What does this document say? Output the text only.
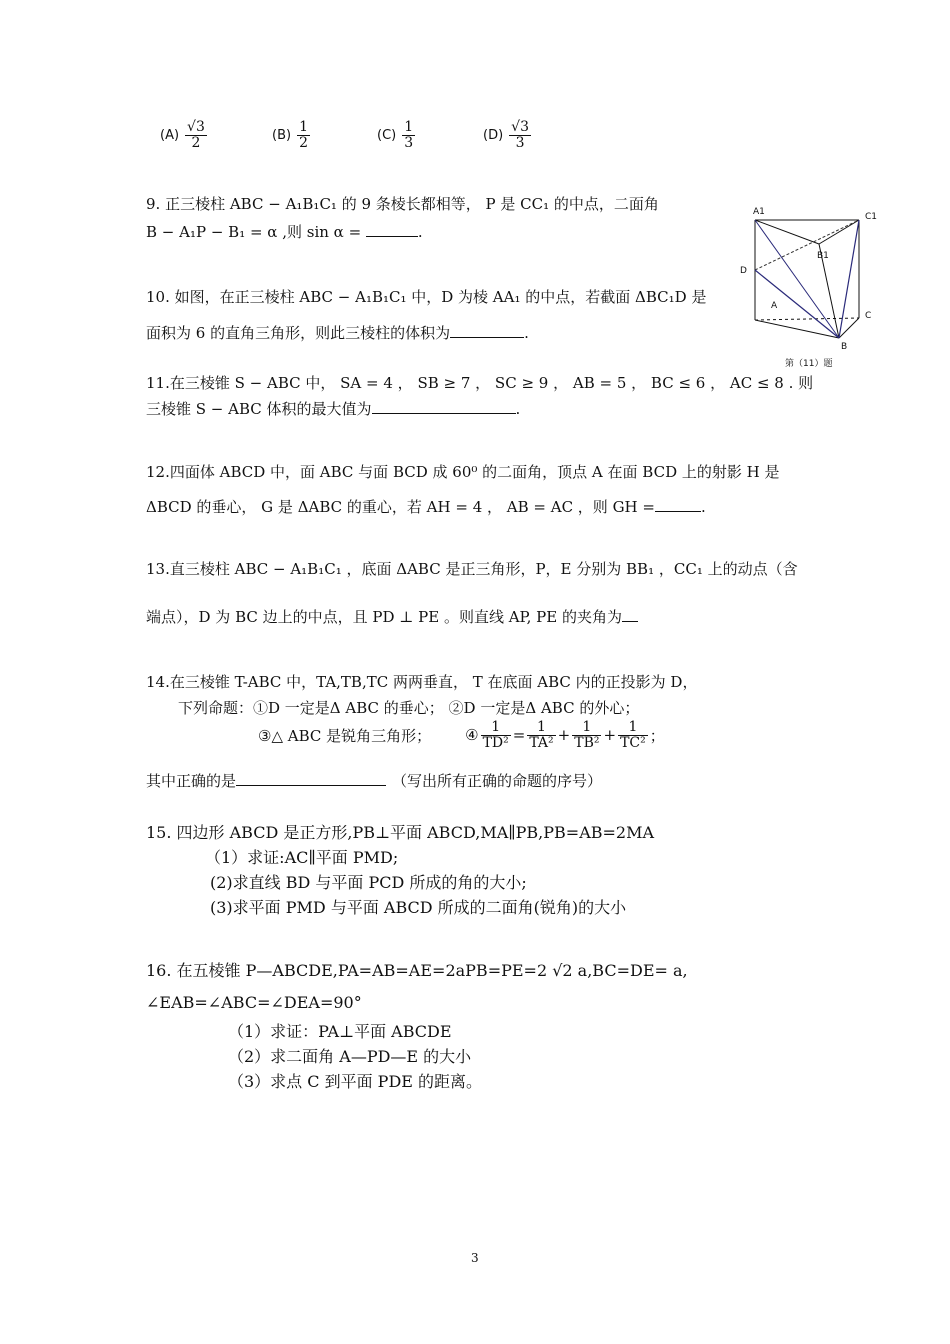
$(A) \frac{√3}{2}$	$(B) \frac{1}{2}$	$(C) \frac{1}{3}$	$(D) \frac{√3}{3}$
9. 正三棱柱 ABC − A₁B₁C₁ 的 9 条棱长都相等， P 是 CC₁ 的中点，二面角
B − A₁P − B₁ = α ,则 sin α =	.
10. 如图，在正三棱柱 ABC − A₁B₁C₁ 中，D 为棱 AA₁ 的中点，若截面 ΔBC₁D 是
面积为 6 的直角三角形，则此三棱柱的体积为	.
A1	C1
B1
D
A
C
B
第（11）题
11.在三棱锥 S − ABC 中， SA = 4 ， SB ≥ 7 ， SC ≥ 9 ， AB = 5 ， BC ≤ 6 ， AC ≤ 8 . 则
三棱锥 S − ABC 体积的最大值为	.
12.四面体 ABCD 中，面 ABC 与面 BCD 成 60⁰ 的二面角，顶点 A 在面 BCD 上的射影 H 是
ΔBCD 的垂心， G 是 ΔABC 的重心，若 AH = 4 ， AB = AC ，则 GH =	.
13.直三棱柱 ABC − A₁B₁C₁ ，底面 ΔABC 是正三角形，P，E 分别为 BB₁ ，CC₁ 上的动点（含
端点），D 为 BC 边上的中点，且 PD ⊥ PE 。则直线 AP, PE 的夹角为
14.在三棱锥 T-ABC 中，TA,TB,TC 两两垂直， T 在底面 ABC 内的正投影为 D，
下列命题：①D 一定是Δ ABC 的垂心； ②D 一定是Δ ABC 的外心；
③△ ABC 是锐角三角形； ④ $\frac{1}{\text{TD²}} = \frac{1}{\text{TA²}} + \frac{1}{\text{TB²}} + \frac{1}{\text{TC²}}$ ；
其中正确的是	（写出所有正确的命题的序号）
15. 四边形 ABCD 是正方形,PB⊥平面 ABCD,MA∥PB,PB=AB=2MA
（1）求证:AC∥平面 PMD;
(2)求直线 BD 与平面 PCD 所成的角的大小;
(3)求平面 PMD 与平面 ABCD 所成的二面角(锐角)的大小
16. 在五棱锥 P—ABCDE,PA=AB=AE=2aPB=PE=2 √2 a,BC=DE= a,
∠EAB=∠ABC=∠DEA=90°
（1）求证：PA⊥平面 ABCDE
（2）求二面角 A—PD—E 的大小
（3）求点 C 到平面 PDE 的距离。
3
